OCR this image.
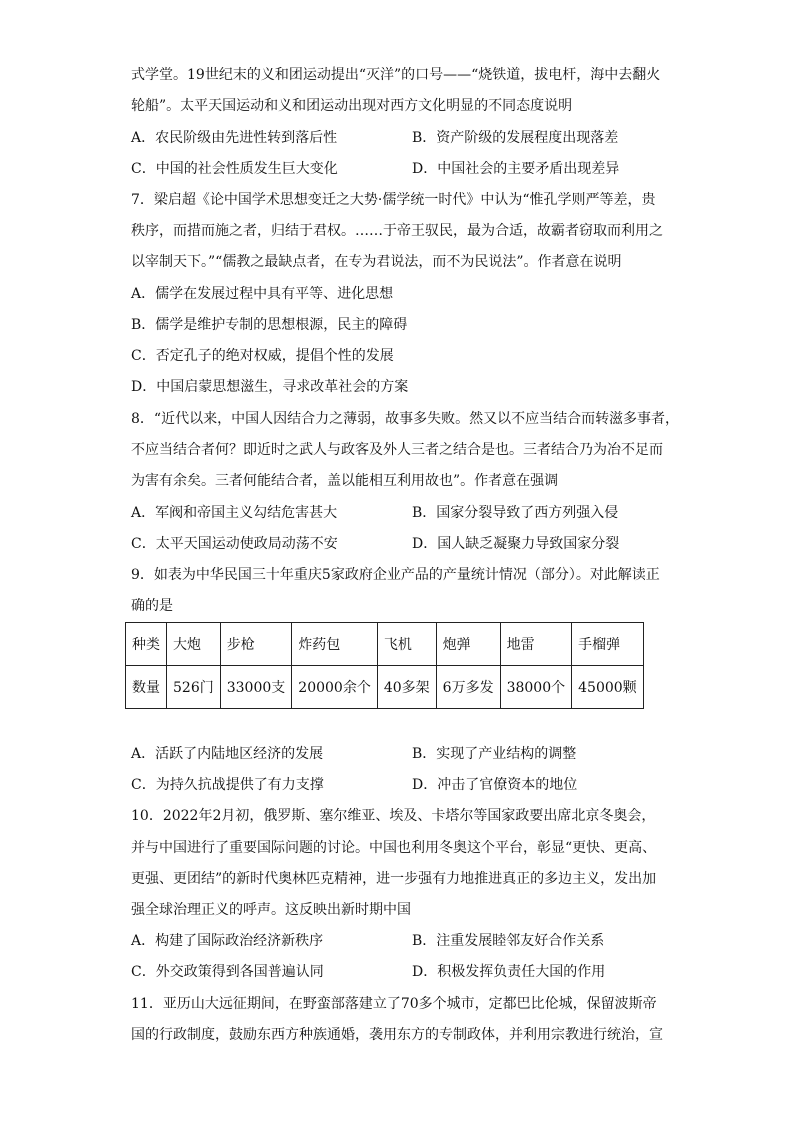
式学堂。19世纪末的义和团运动提出“灭洋”的口号——“烧铁道，拔电杆，海中去翻火
轮船”。太平天国运动和义和团运动出现对西方文化明显的不同态度说明
A．农民阶级由先进性转到落后性	B．资产阶级的发展程度出现落差
C．中国的社会性质发生巨大变化	D．中国社会的主要矛盾出现差异
7．梁启超《论中国学术思想变迁之大势·儒学统一时代》中认为“惟孔学则严等差，贵
秩序，而措而施之者，归结于君权。……于帝王驭民，最为合适，故霸者窃取而利用之
以宰制天下。”“儒教之最缺点者，在专为君说法，而不为民说法”。作者意在说明
A．儒学在发展过程中具有平等、进化思想
B．儒学是维护专制的思想根源，民主的障碍
C．否定孔子的绝对权威，提倡个性的发展
D．中国启蒙思想滋生，寻求改革社会的方案
8．“近代以来，中国人因结合力之薄弱，故事多失败。然又以不应当结合而转滋多事者，
不应当结合者何？即近时之武人与政客及外人三者之结合是也。三者结合乃为冶不足而
为害有余矣。三者何能结合者，盖以能相互利用故也”。作者意在强调
A．军阀和帝国主义勾结危害甚大	B．国家分裂导致了西方列强入侵
C．太平天国运动使政局动荡不安	D．国人缺乏凝聚力导致国家分裂
9．如表为中华民国三十年重庆5家政府企业产品的产量统计情况（部分）。对此解读正
确的是
种类	大炮	步枪	炸药包	飞机	炮弹	地雷	手榴弹
数量	526门	33000支	20000余个	40多架	6万多发	38000个	45000颗
A．活跃了内陆地区经济的发展	B．实现了产业结构的调整
C．为持久抗战提供了有力支撑	D．冲击了官僚资本的地位
10．2022年2月初，俄罗斯、塞尔维亚、埃及、卡塔尔等国家政要出席北京冬奥会，
并与中国进行了重要国际问题的讨论。中国也利用冬奥这个平台，彰显“更快、更高、
更强、更团结”的新时代奥林匹克精神，进一步强有力地推进真正的多边主义，发出加
强全球治理正义的呼声。这反映出新时期中国
A．构建了国际政治经济新秩序	B．注重发展睦邻友好合作关系
C．外交政策得到各国普遍认同	D．积极发挥负责任大国的作用
11．亚历山大远征期间，在野蛮部落建立了70多个城市，定都巴比伦城，保留波斯帝
国的行政制度，鼓励东西方种族通婚，袭用东方的专制政体，并利用宗教进行统治，宣
